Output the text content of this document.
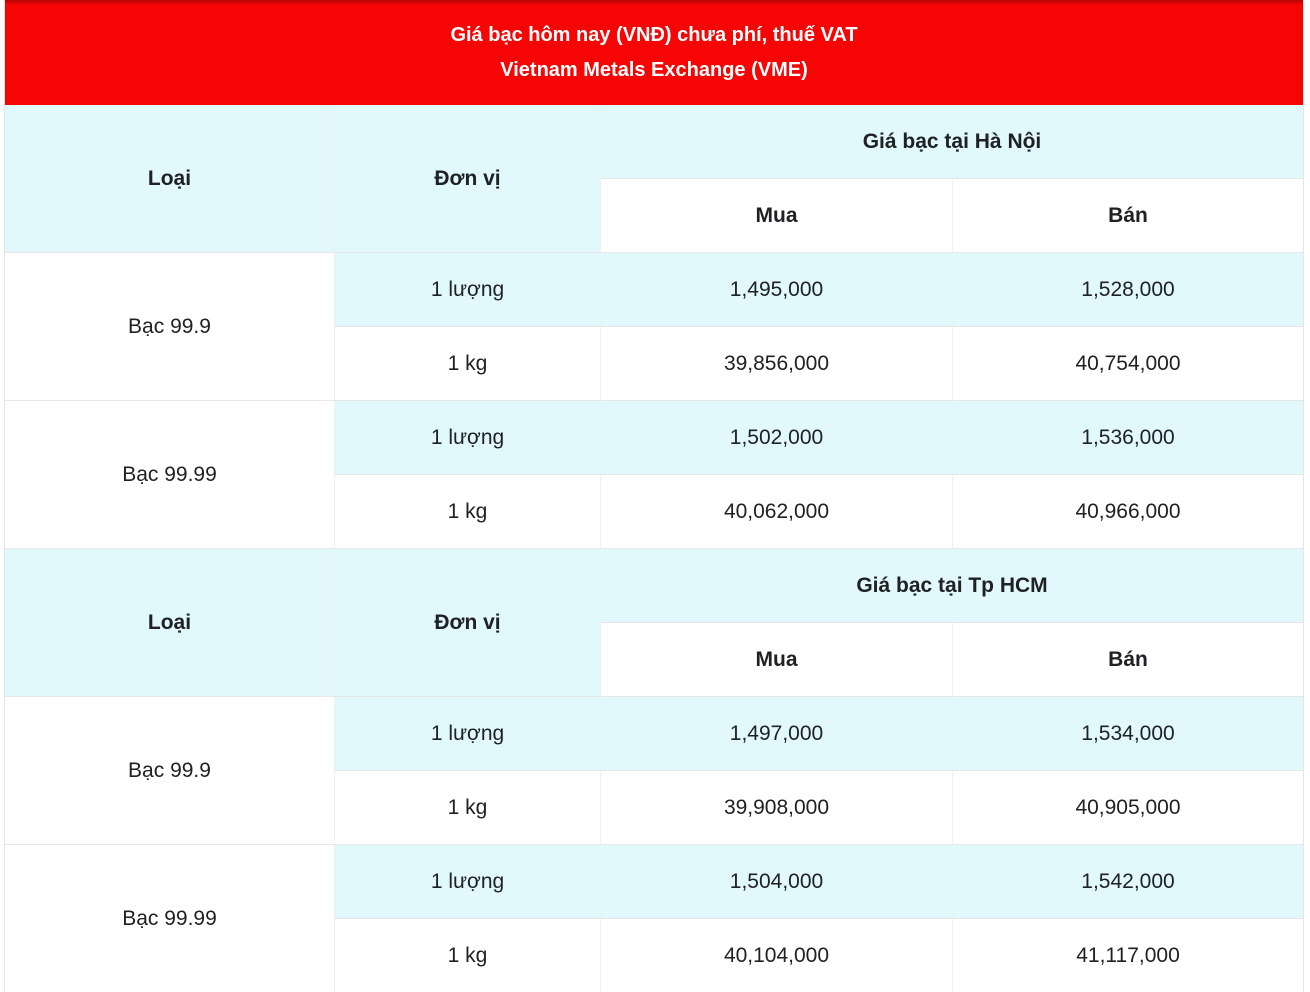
Giá bạc hôm nay (VNĐ) chưa phí, thuế VAT
Vietnam Metals Exchange (VME)			

Loại	Đơn vị	Giá bạc tại Hà Nội	
		Mua	Bán
Bạc 99.9	1 lượng	1,495,000	1,528,000
	1 kg	39,856,000	40,754,000
Bạc 99.99	1 lượng	1,502,000	1,536,000
	1 kg	40,062,000	40,966,000
Loại	Đơn vị	Giá bạc tại Tp HCM	
		Mua	Bán
Bạc 99.9	1 lượng	1,497,000	1,534,000
	1 kg	39,908,000	40,905,000
Bạc 99.99	1 lượng	1,504,000	1,542,000
	1 kg	40,104,000	41,117,000
